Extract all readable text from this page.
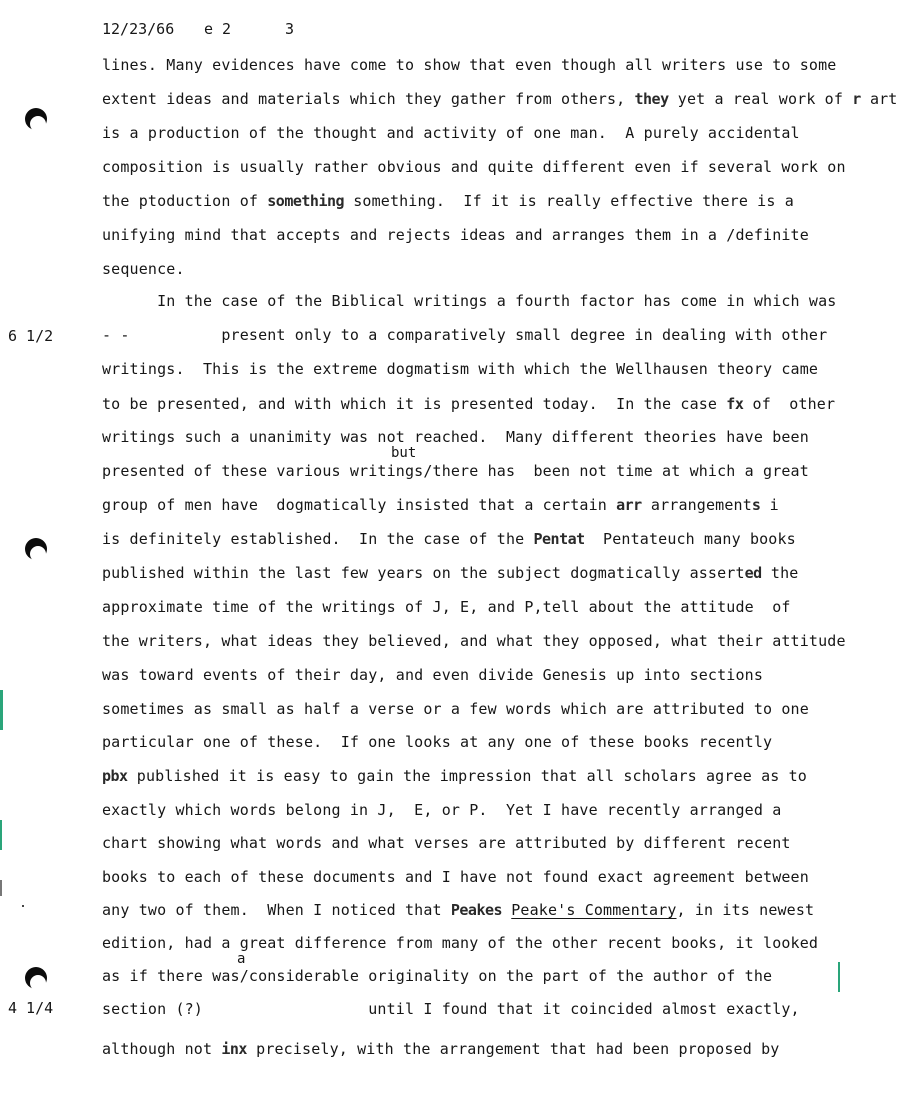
12/23/66 e 2	3
6 1/2
4 1/4
but
a
lines. Many evidences have come to show that even though all writers use to some
extent ideas and materials which they gather from others, they yet a real work of r art
is a production of the thought and activity of one man.  A purely accidental
composition is usually rather obvious and quite different even if several work on
the ptoduction of something something.  If it is really effective there is a
unifying mind that accepts and rejects ideas and arranges them in a /definite
sequence.
In the case of the Biblical writings a fourth factor has come in which was
- -          present only to a comparatively small degree in dealing with other
writings.  This is the extreme dogmatism with which the Wellhausen theory came
to be presented, and with which it is presented today.  In the case fx of  other
writings such a unanimity was not reached.  Many different theories have been
presented of these various writings/there has  been not time at which a great
group of men have  dogmatically insisted that a certain arr arrangements i
is definitely established.  In the case of the Pentat  Pentateuch many books
published within the last few years on the subject dogmatically asserted the
approximate time of the writings of J, E, and P,tell about the attitude  of
the writers, what ideas they believed, and what they opposed, what their attitude
was toward events of their day, and even divide Genesis up into sections
sometimes as small as half a verse or a few words which are attributed to one
particular one of these.  If one looks at any one of these books recently
pbx published it is easy to gain the impression that all scholars agree as to
exactly which words belong in J,  E, or P.  Yet I have recently arranged a
chart showing what words and what verses are attributed by different recent
books to each of these documents and I have not found exact agreement between
any two of them.  When I noticed that Peakes Peake's Commentary, in its newest
edition, had a great difference from many of the other recent books, it looked
as if there was/considerable originality on the part of the author of the
section (?)                  until I found that it coincided almost exactly,
although not inx precisely, with the arrangement that had been proposed by
